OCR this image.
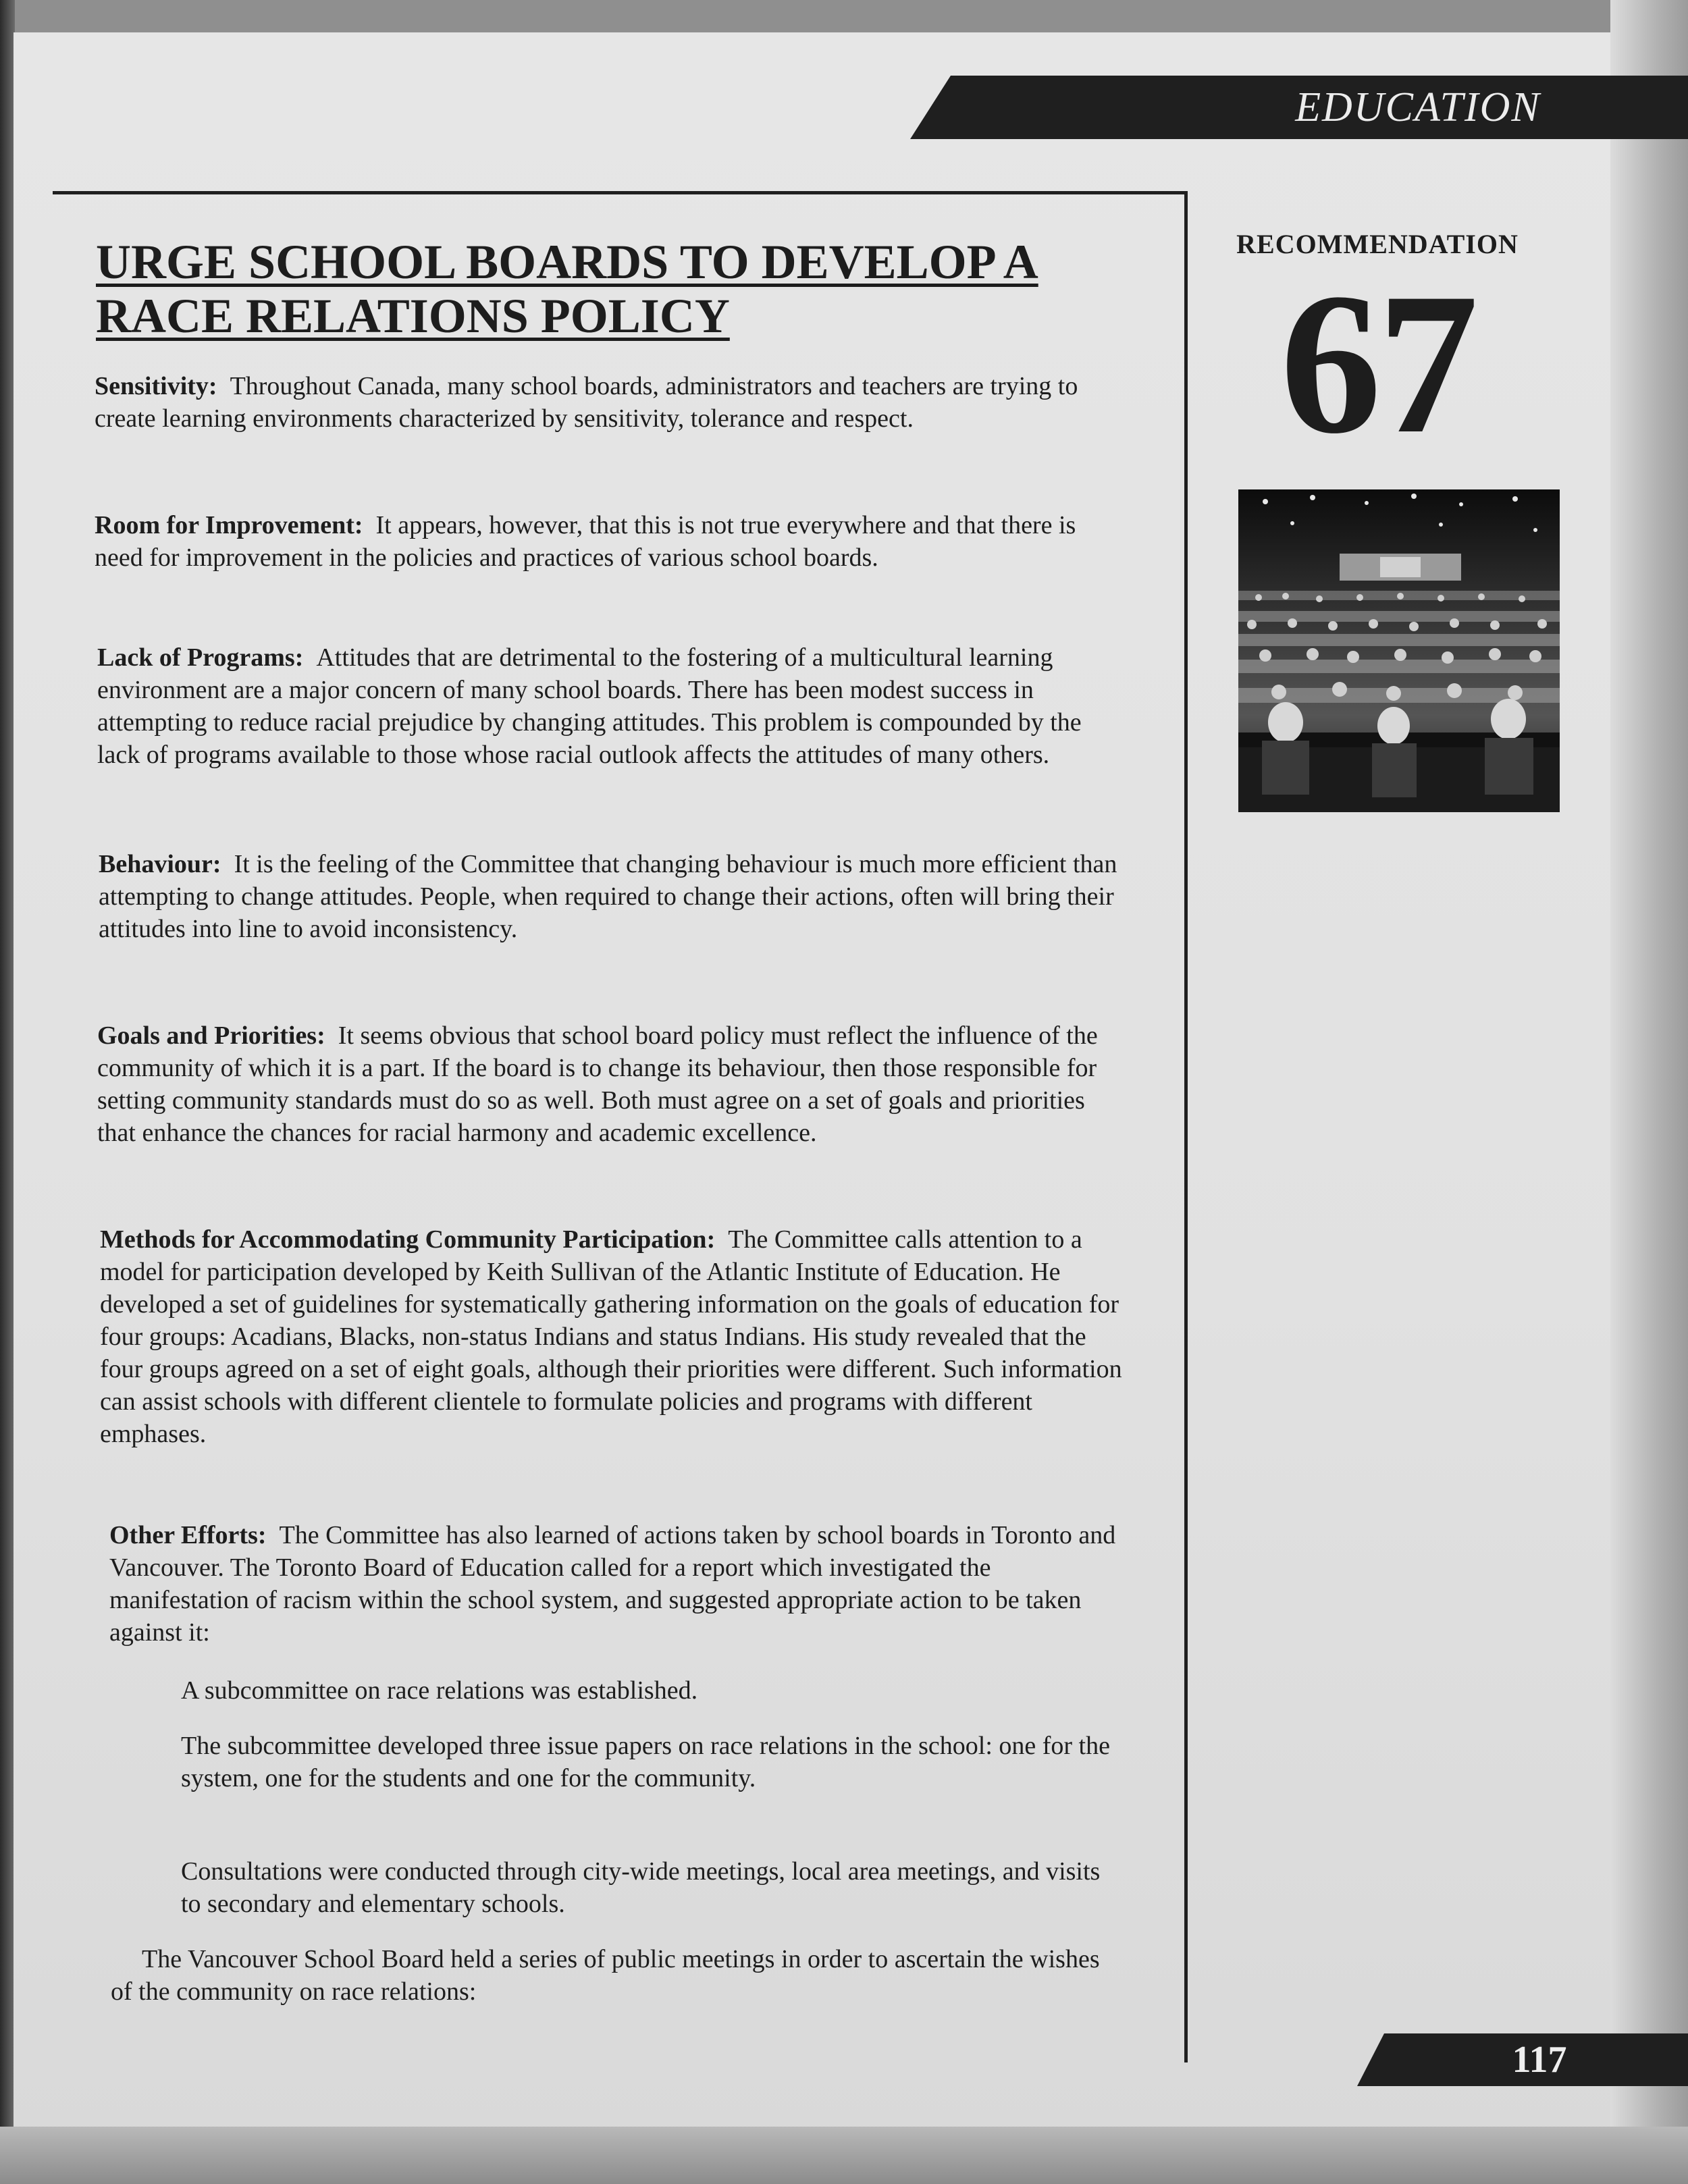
EDUCATION
URGE SCHOOL BOARDS TO DEVELOP A RACE RELATIONS POLICY

Sensitivity: Throughout Canada, many school boards, administrators and teachers are trying to create learning environments characterized by sensitivity, tolerance and respect.

Room for Improvement: It appears, however, that this is not true everywhere and that there is need for improvement in the policies and practices of various school boards.

Lack of Programs: Attitudes that are detrimental to the fostering of a multicultural learning environment are a major concern of many school boards. There has been modest success in attempting to reduce racial prejudice by changing attitudes. This problem is compounded by the lack of programs available to those whose racial outlook affects the attitudes of many others.

Behaviour: It is the feeling of the Committee that changing behaviour is much more efficient than attempting to change attitudes. People, when required to change their actions, often will bring their attitudes into line to avoid inconsistency.

Goals and Priorities: It seems obvious that school board policy must reflect the influence of the community of which it is a part. If the board is to change its behaviour, then those responsible for setting community standards must do so as well. Both must agree on a set of goals and priorities that enhance the chances for racial harmony and academic excellence.

Methods for Accommodating Community Participation: The Committee calls attention to a model for participation developed by Keith Sullivan of the Atlantic Institute of Education. He developed a set of guidelines for systematically gathering information on the goals of education for four groups: Acadians, Blacks, non-status Indians and status Indians. His study revealed that the four groups agreed on a set of eight goals, although their priorities were different. Such information can assist schools with different clientele to formulate policies and programs with different emphases.

Other Efforts: The Committee has also learned of actions taken by school boards in Toronto and Vancouver. The Toronto Board of Education called for a report which investigated the manifestation of racism within the school system, and suggested appropriate action to be taken against it:

A subcommittee on race relations was established.

The subcommittee developed three issue papers on race relations in the school: one for the system, one for the students and one for the community.

Consultations were conducted through city-wide meetings, local area meetings, and visits to secondary and elementary schools.

The Vancouver School Board held a series of public meetings in order to ascertain the wishes of the community on race relations:

RECOMMENDATION
67
117
